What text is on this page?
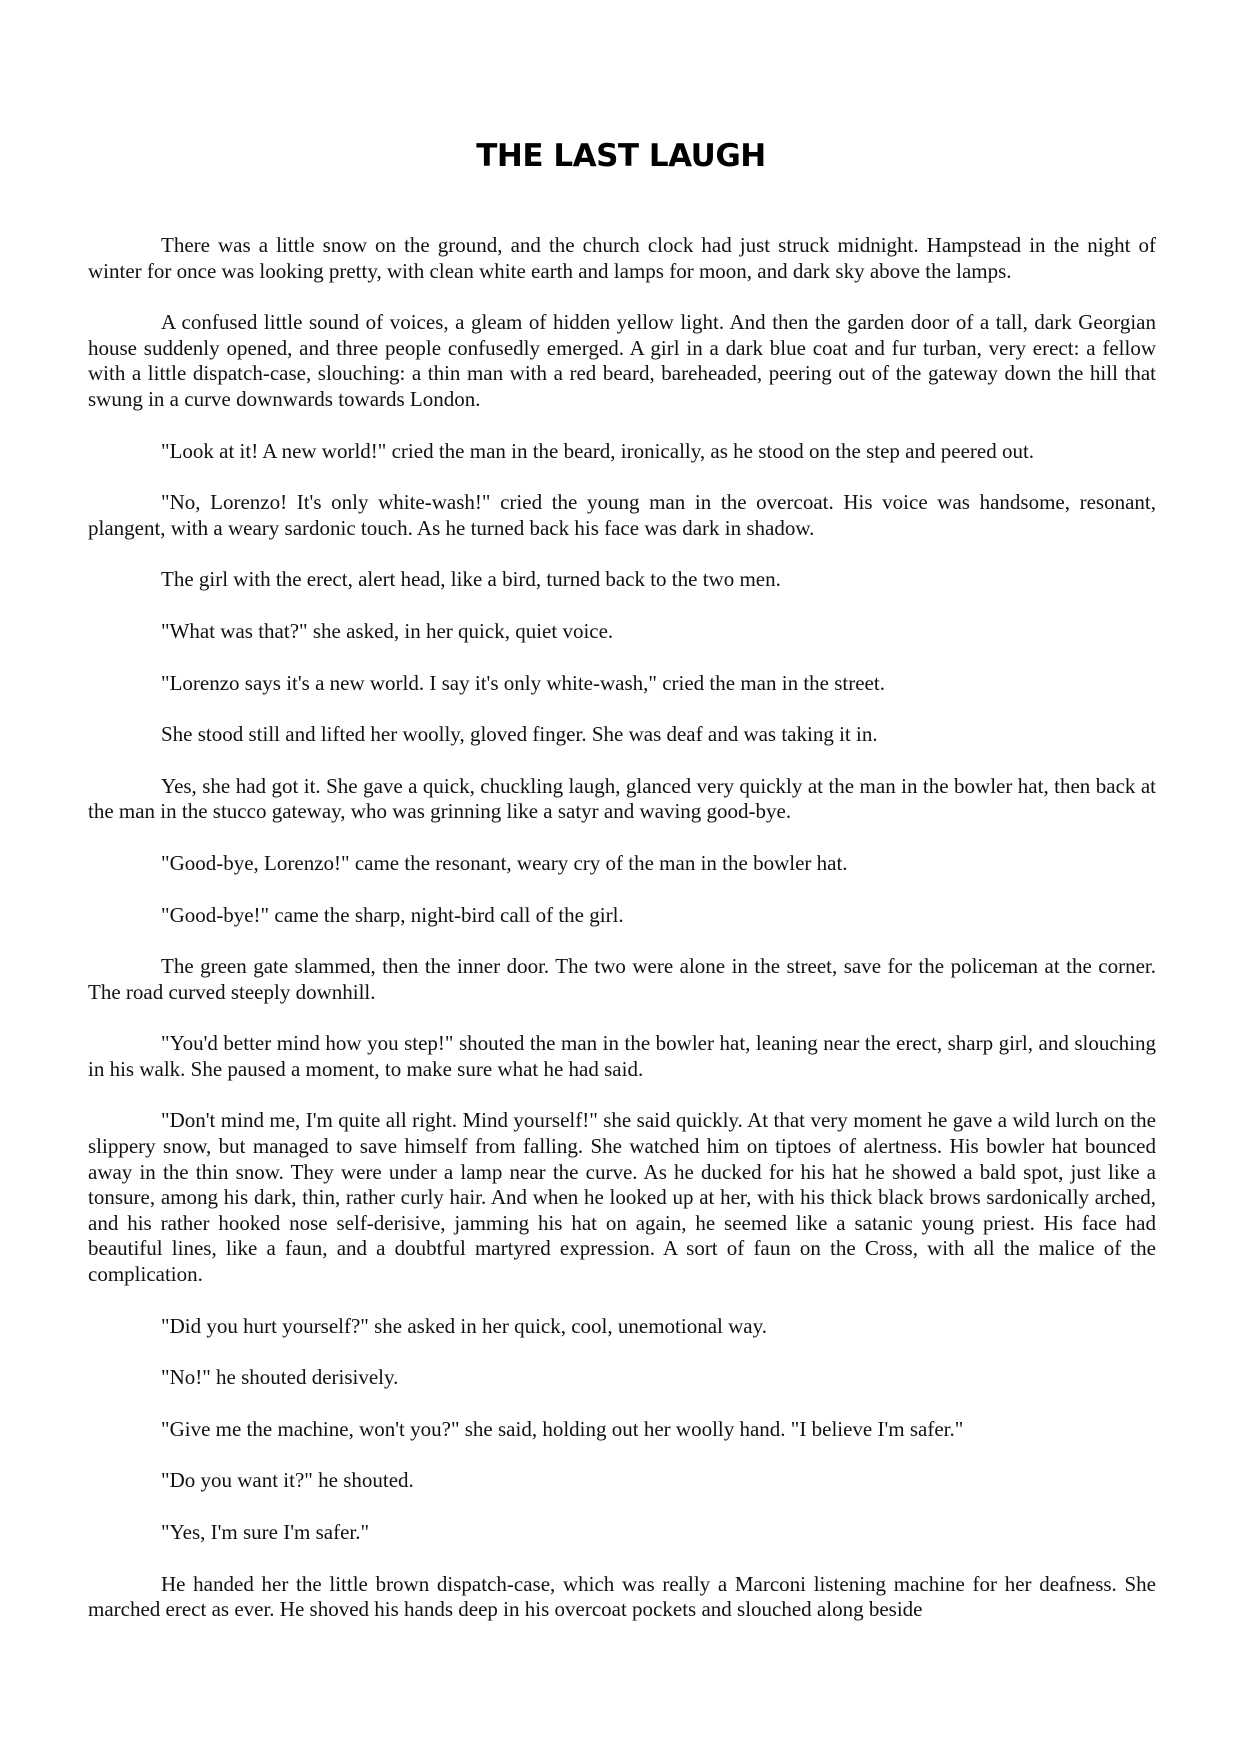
THE LAST LAUGH

There was a little snow on the ground, and the church clock had just struck midnight. Hampstead in the night of winter for once was looking pretty, with clean white earth and lamps for moon, and dark sky above the lamps.

A confused little sound of voices, a gleam of hidden yellow light. And then the garden door of a tall, dark Georgian house suddenly opened, and three people confusedly emerged. A girl in a dark blue coat and fur turban, very erect: a fellow with a little dispatch-case, slouching: a thin man with a red beard, bareheaded, peering out of the gateway down the hill that swung in a curve downwards towards London.

"Look at it! A new world!" cried the man in the beard, ironically, as he stood on the step and peered out.

"No, Lorenzo! It's only white-wash!" cried the young man in the overcoat. His voice was handsome, resonant, plangent, with a weary sardonic touch. As he turned back his face was dark in shadow.

The girl with the erect, alert head, like a bird, turned back to the two men.

"What was that?" she asked, in her quick, quiet voice.

"Lorenzo says it's a new world. I say it's only white-wash," cried the man in the street.

She stood still and lifted her woolly, gloved finger. She was deaf and was taking it in.

Yes, she had got it. She gave a quick, chuckling laugh, glanced very quickly at the man in the bowler hat, then back at the man in the stucco gateway, who was grinning like a satyr and waving good-bye.

"Good-bye, Lorenzo!" came the resonant, weary cry of the man in the bowler hat.

"Good-bye!" came the sharp, night-bird call of the girl.

The green gate slammed, then the inner door. The two were alone in the street, save for the policeman at the corner. The road curved steeply downhill.

"You'd better mind how you step!" shouted the man in the bowler hat, leaning near the erect, sharp girl, and slouching in his walk. She paused a moment, to make sure what he had said.

"Don't mind me, I'm quite all right. Mind yourself!" she said quickly. At that very moment he gave a wild lurch on the slippery snow, but managed to save himself from falling. She watched him on tiptoes of alertness. His bowler hat bounced away in the thin snow. They were under a lamp near the curve. As he ducked for his hat he showed a bald spot, just like a tonsure, among his dark, thin, rather curly hair. And when he looked up at her, with his thick black brows sardonically arched, and his rather hooked nose self-derisive, jamming his hat on again, he seemed like a satanic young priest. His face had beautiful lines, like a faun, and a doubtful martyred expression. A sort of faun on the Cross, with all the malice of the complication.

"Did you hurt yourself?" she asked in her quick, cool, unemotional way.

"No!" he shouted derisively.

"Give me the machine, won't you?" she said, holding out her woolly hand. "I believe I'm safer."

"Do you want it?" he shouted.

"Yes, I'm sure I'm safer."

He handed her the little brown dispatch-case, which was really a Marconi listening machine for her deafness. She marched erect as ever. He shoved his hands deep in his overcoat pockets and slouched along beside
